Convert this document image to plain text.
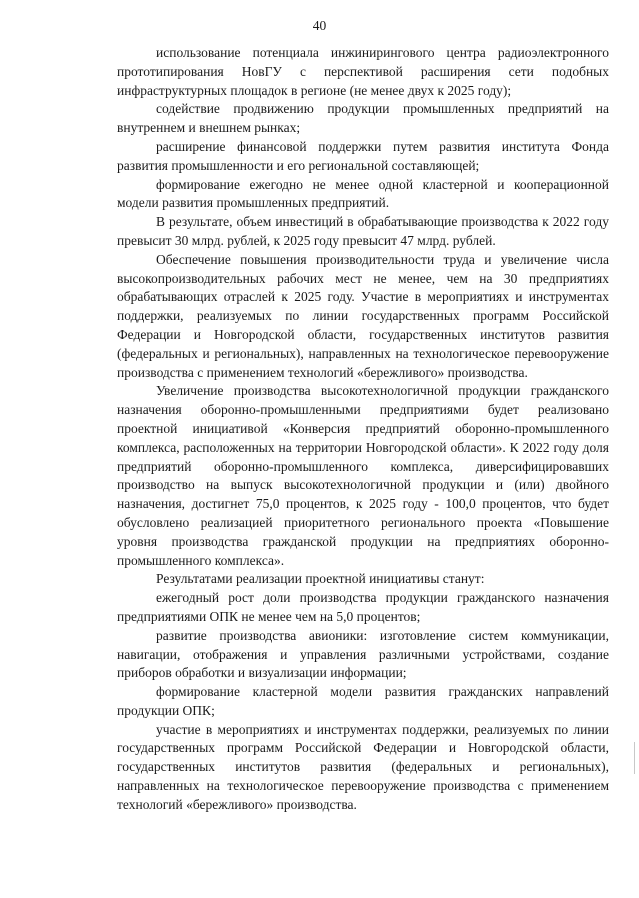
40

использование потенциала инжинирингового центра радиоэлектронного прототипирования НовГУ с перспективой расширения сети подобных инфраструктурных площадок в регионе (не менее двух к 2025 году);

содействие продвижению продукции промышленных предприятий на внутреннем и внешнем рынках;

расширение финансовой поддержки путем развития института Фонда развития промышленности и его региональной составляющей;

формирование ежегодно не менее одной кластерной и кооперационной модели развития промышленных предприятий.

В результате, объем инвестиций в обрабатывающие производства к 2022 году превысит 30 млрд. рублей, к 2025 году превысит 47 млрд. рублей.

Обеспечение повышения производительности труда и увеличение числа высокопроизводительных рабочих мест не менее, чем на 30 предприятиях обрабатывающих отраслей к 2025 году. Участие в мероприятиях и инструментах поддержки, реализуемых по линии государственных программ Российской Федерации и Новгородской области, государственных институтов развития (федеральных и региональных), направленных на технологическое перевооружение производства с применением технологий «бережливого» производства.

Увеличение производства высокотехнологичной продукции гражданского назначения оборонно-промышленными предприятиями будет реализовано проектной инициативой «Конверсия предприятий оборонно-промышленного комплекса, расположенных на территории Новгородской области». К 2022 году доля предприятий оборонно-промышленного комплекса, диверсифицировавших производство на выпуск высокотехнологичной продукции и (или) двойного назначения, достигнет 75,0 процентов, к 2025 году - 100,0 процентов, что будет обусловлено реализацией приоритетного регионального проекта «Повышение уровня производства гражданской продукции на предприятиях оборонно-промышленного комплекса».

Результатами реализации проектной инициативы станут:

ежегодный рост доли производства продукции гражданского назначения предприятиями ОПК не менее чем на 5,0 процентов;

развитие производства авионики: изготовление систем коммуникации, навигации, отображения и управления различными устройствами, создание приборов обработки и визуализации информации;

формирование кластерной модели развития гражданских направлений продукции ОПК;

участие в мероприятиях и инструментах поддержки, реализуемых по линии государственных программ Российской Федерации и Новгородской области, государственных институтов развития (федеральных и региональных), направленных на технологическое перевооружение производства с применением технологий «бережливого» производства.
